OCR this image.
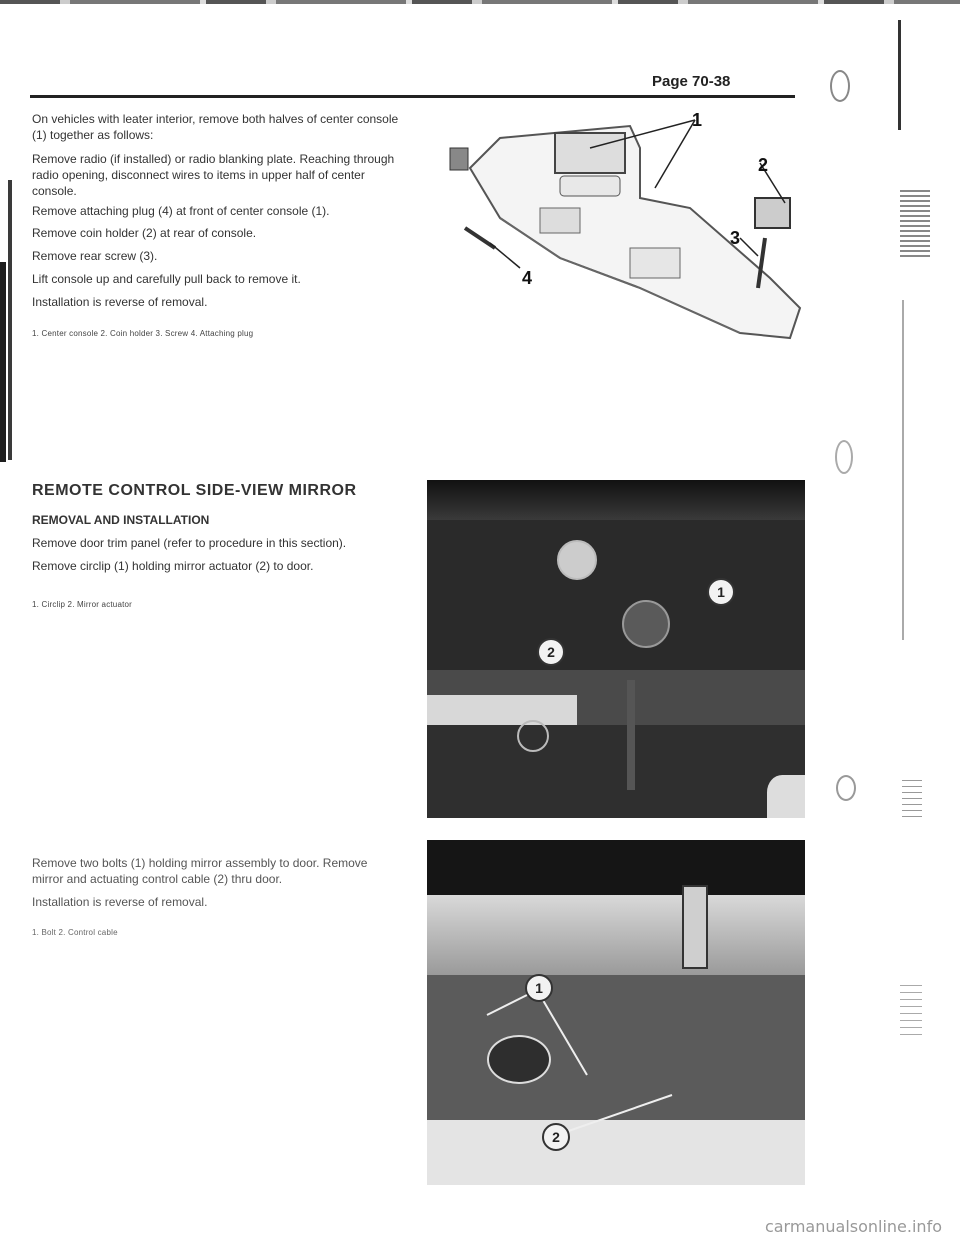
Page 70-38

On vehicles with leater interior, remove both halves of center console (1) together as follows:

Remove radio (if installed) or radio blanking plate. Reaching through radio opening, disconnect wires to items in upper half of center console.

Remove attaching plug (4) at front of center console (1).

Remove coin holder (2) at rear of console.

Remove rear screw (3).

Lift console up and carefully pull back to remove it.

Installation is reverse of removal.

1. Center console 2. Coin holder 3. Screw 4. Attaching plug

1
2
3
4

REMOTE CONTROL SIDE-VIEW MIRROR

REMOVAL AND INSTALLATION

Remove door trim panel (refer to procedure in this section).

Remove circlip (1) holding mirror actuator (2) to door.

1. Circlip 2. Mirror actuator

1
2

Remove two bolts (1) holding mirror assembly to door. Remove mirror and actuating control cable (2) thru door.

Installation is reverse of removal.

1. Bolt 2. Control cable

1
2
carmanualsonline.info
